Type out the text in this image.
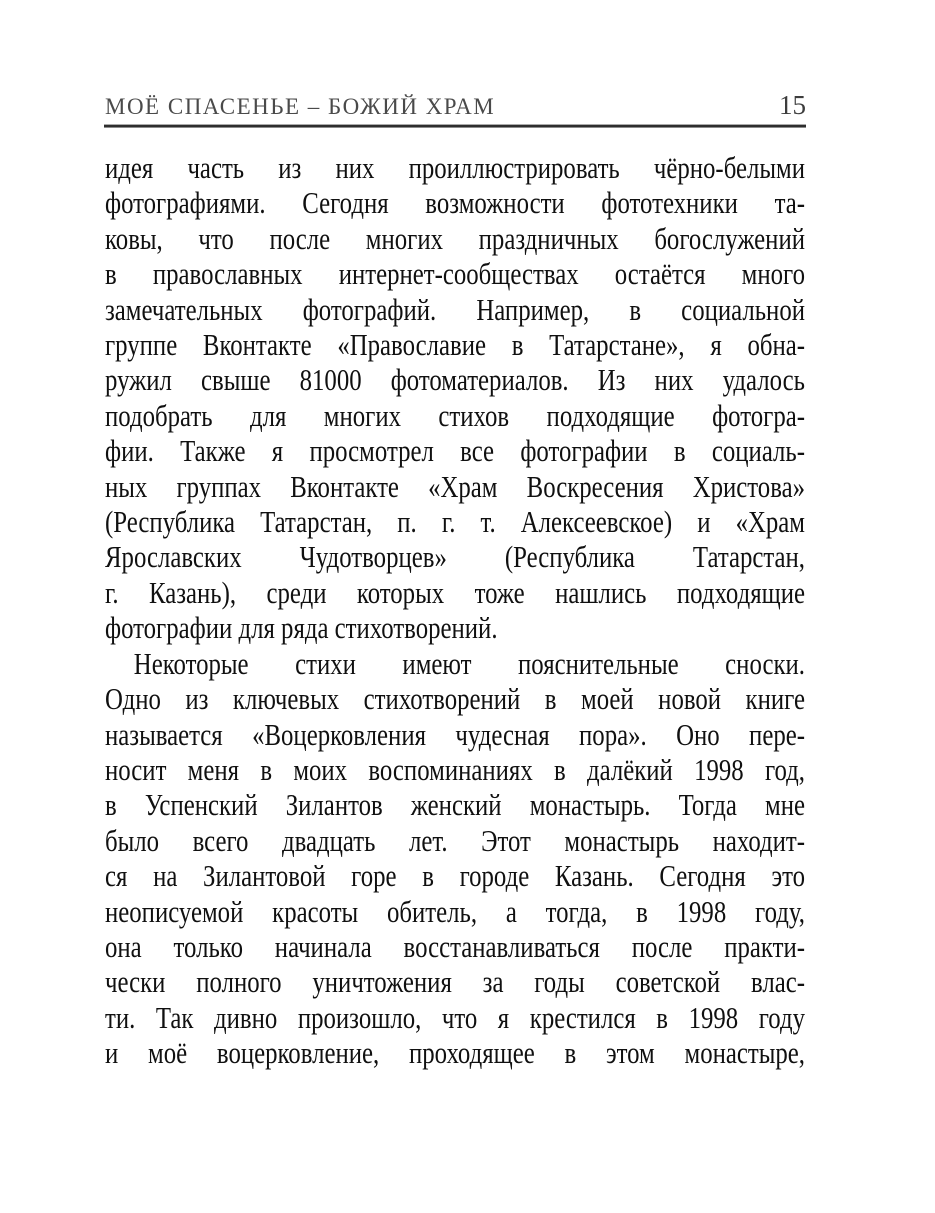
МОЁ СПАСЕНЬЕ – БОЖИЙ ХРАМ	15
идея часть из них проиллюстрировать чёрно-белыми
фотографиями. Сегодня возможности фототехники та-
ковы, что после многих праздничных богослужений
в православных интернет-сообществах остаётся много
замечательных фотографий. Например, в социальной
группе Вконтакте «Православие в Татарстане», я обна-
ружил свыше 81000 фотоматериалов. Из них удалось
подобрать для многих стихов подходящие фотогра-
фии. Также я просмотрел все фотографии в социаль-
ных группах Вконтакте «Храм Воскресения Христова»
(Республика Татарстан, п. г. т. Алексеевское) и «Храм
Ярославских Чудотворцев» (Республика Татарстан,
г. Казань), среди которых тоже нашлись подходящие
фотографии для ряда стихотворений.
Некоторые стихи имеют пояснительные сноски.
Одно из ключевых стихотворений в моей новой книге
называется «Воцерковления чудесная пора». Оно пере-
носит меня в моих воспоминаниях в далёкий 1998 год,
в Успенский Зилантов женский монастырь. Тогда мне
было всего двадцать лет. Этот монастырь находит-
ся на Зилантовой горе в городе Казань. Сегодня это
неописуемой красоты обитель, а тогда, в 1998 году,
она только начинала восстанавливаться после практи-
чески полного уничтожения за годы советской влас-
ти. Так дивно произошло, что я крестился в 1998 году
и моё воцерковление, проходящее в этом монастыре,
